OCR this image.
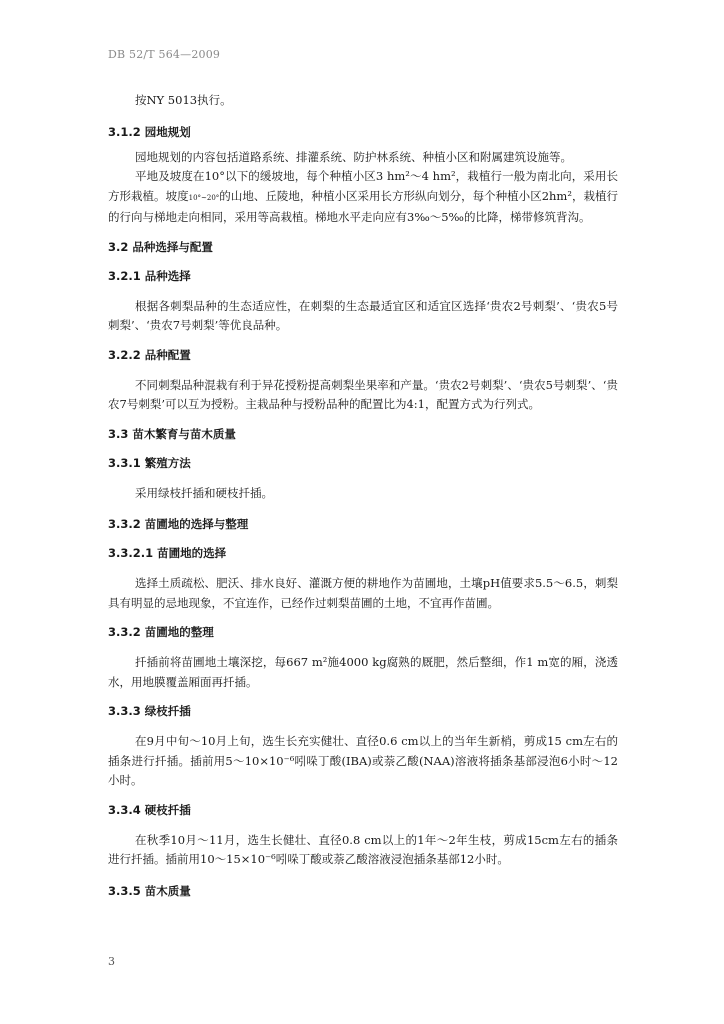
DB 52/T 564—2009
按NY 5013执行。
3.1.2 园地规划
园地规划的内容包括道路系统、排灌系统、防护林系统、种植小区和附属建筑设施等。
平地及坡度在10°以下的缓坡地，每个种植小区3 hm²～4 hm²，栽植行一般为南北向，采用长方形栽植。坡度10°~20°的山地、丘陵地，种植小区采用长方形纵向划分，每个种植小区2hm²，栽植行的行向与梯地走向相同，采用等高栽植。梯地水平走向应有3‰～5‰的比降，梯带修筑背沟。
3.2 品种选择与配置
3.2.1 品种选择
根据各刺梨品种的生态适应性，在刺梨的生态最适宜区和适宜区选择‘贵农2号刺梨’、‘贵农5号刺梨’、‘贵农7号刺梨’等优良品种。
3.2.2 品种配置
不同刺梨品种混栽有利于异花授粉提高刺梨坐果率和产量。‘贵农2号刺梨’、‘贵农5号刺梨’、‘贵农7号刺梨’可以互为授粉。主栽品种与授粉品种的配置比为4:1，配置方式为行列式。
3.3 苗木繁育与苗木质量
3.3.1 繁殖方法
采用绿枝扦插和硬枝扦插。
3.3.2 苗圃地的选择与整理
3.3.2.1 苗圃地的选择
选择土质疏松、肥沃、排水良好、灌溉方便的耕地作为苗圃地，土壤pH值要求5.5～6.5，刺梨具有明显的忌地现象，不宜连作，已经作过刺梨苗圃的土地，不宜再作苗圃。
3.3.2 苗圃地的整理
扦插前将苗圃地土壤深挖，每667 m²施4000 kg腐熟的厩肥，然后整细，作1 m宽的厢，浇透水，用地膜覆盖厢面再扦插。
3.3.3 绿枝扦插
在9月中旬～10月上旬，选生长充实健壮、直径0.6 cm以上的当年生新梢，剪成15 cm左右的插条进行扦插。插前用5～10×10⁻⁶吲哚丁酸(IBA)或萘乙酸(NAA)溶液将插条基部浸泡6小时～12小时。
3.3.4 硬枝扦插
在秋季10月～11月，选生长健壮、直径0.8 cm以上的1年～2年生枝，剪成15cm左右的插条进行扦插。插前用10～15×10⁻⁶吲哚丁酸或萘乙酸溶液浸泡插条基部12小时。
3.3.5 苗木质量
3
